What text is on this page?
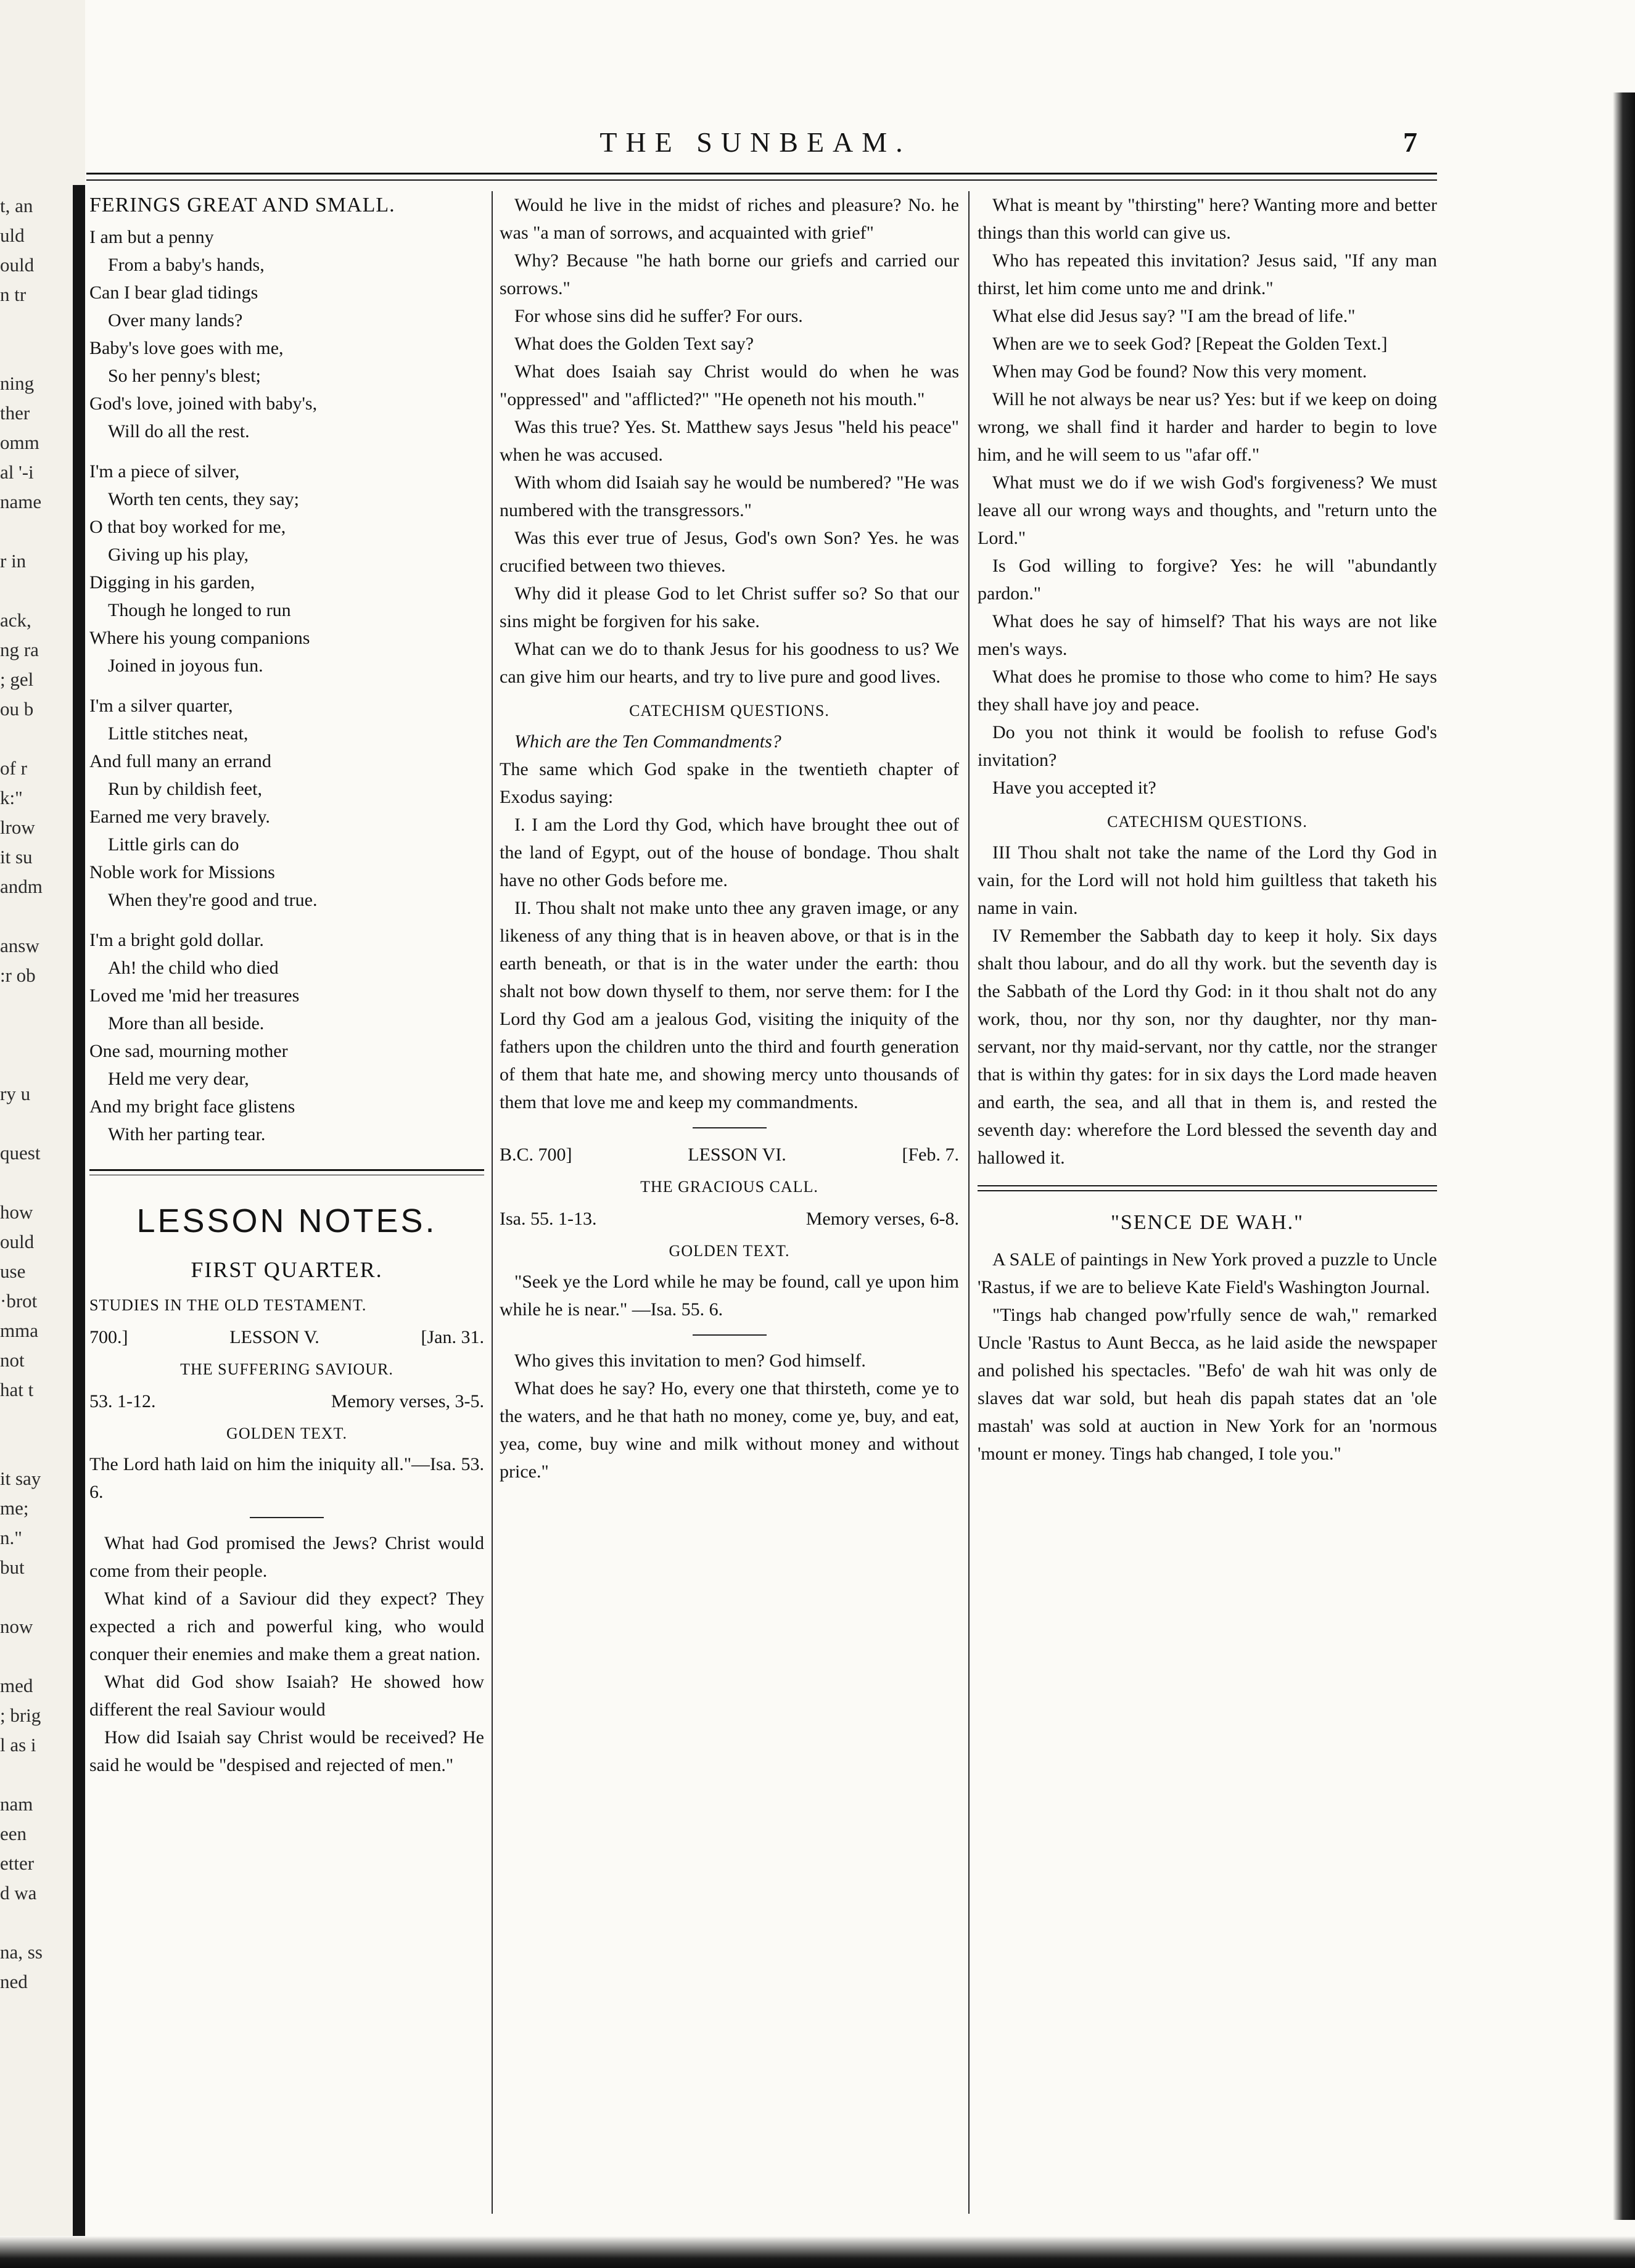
t, an
uld
ould
n tr
ning
ther
omm
al '-i
name
r in
ack,
ng ra
; gel
ou b
of r
k:"
lrow
it su
andm
answ
:r ob
ry u
quest
how
ould
use
·brot
mma
not
hat t
it say
me;
n."
but
now
med
; brig
l as i
nam
een
etter
d wa
na, ss
ned
THE SUNBEAM.	7
FERINGS GREAT AND SMALL.
I am but a penny
From a baby's hands,
Can I bear glad tidings
Over many lands?
Baby's love goes with me,
So her penny's blest;
God's love, joined with baby's,
Will do all the rest.
I'm a piece of silver,
Worth ten cents, they say;
O that boy worked for me,
Giving up his play,
Digging in his garden,
Though he longed to run
Where his young companions
Joined in joyous fun.
I'm a silver quarter,
Little stitches neat,
And full many an errand
Run by childish feet,
Earned me very bravely.
Little girls can do
Noble work for Missions
When they're good and true.
I'm a bright gold dollar.
Ah! the child who died
Loved me 'mid her treasures
More than all beside.
One sad, mourning mother
Held me very dear,
And my bright face glistens
With her parting tear.
LESSON NOTES.
FIRST QUARTER.
STUDIES IN THE OLD TESTAMENT.
700.]	LESSON V.	[Jan. 31.
THE SUFFERING SAVIOUR.
53. 1-12.	Memory verses, 3-5.
GOLDEN TEXT.

The Lord hath laid on him the iniquity all."—Isa. 53. 6.

What had God promised the Jews? Christ would come from their people.

What kind of a Saviour did they expect? They expected a rich and powerful king, who would conquer their enemies and make them a great nation.

What did God show Isaiah? He showed how different the real Saviour would

How did Isaiah say Christ would be received? He said he would be "despised and rejected of men."

Would he live in the midst of riches and pleasure? No. he was "a man of sorrows, and acquainted with grief"

Why? Because "he hath borne our griefs and carried our sorrows."

For whose sins did he suffer? For ours.

What does the Golden Text say?

What does Isaiah say Christ would do when he was "oppressed" and "afflicted?" "He openeth not his mouth."

Was this true? Yes. St. Matthew says Jesus "held his peace" when he was accused.

With whom did Isaiah say he would be numbered? "He was numbered with the transgressors."

Was this ever true of Jesus, God's own Son? Yes. he was crucified between two thieves.

Why did it please God to let Christ suffer so? So that our sins might be forgiven for his sake.

What can we do to thank Jesus for his goodness to us? We can give him our hearts, and try to live pure and good lives.

CATECHISM QUESTIONS.

Which are the Ten Commandments?

The same which God spake in the twentieth chapter of Exodus saying:

I. I am the Lord thy God, which have brought thee out of the land of Egypt, out of the house of bondage. Thou shalt have no other Gods before me.

II. Thou shalt not make unto thee any graven image, or any likeness of any thing that is in heaven above, or that is in the earth beneath, or that is in the water under the earth: thou shalt not bow down thyself to them, nor serve them: for I the Lord thy God am a jealous God, visiting the iniquity of the fathers upon the children unto the third and fourth generation of them that hate me, and showing mercy unto thousands of them that love me and keep my commandments.

B.C. 700]	LESSON VI.	[Feb. 7.
THE GRACIOUS CALL.
Isa. 55. 1-13.	Memory verses, 6-8.
GOLDEN TEXT.

"Seek ye the Lord while he may be found, call ye upon him while he is near." —Isa. 55. 6.

Who gives this invitation to men? God himself.

What does he say? Ho, every one that thirsteth, come ye to the waters, and he that hath no money, come ye, buy, and eat, yea, come, buy wine and milk without money and without price."

What is meant by "thirsting" here? Wanting more and better things than this world can give us.

Who has repeated this invitation? Jesus said, "If any man thirst, let him come unto me and drink."

What else did Jesus say? "I am the bread of life."

When are we to seek God? [Repeat the Golden Text.]

When may God be found? Now this very moment.

Will he not always be near us? Yes: but if we keep on doing wrong, we shall find it harder and harder to begin to love him, and he will seem to us "afar off."

What must we do if we wish God's forgiveness? We must leave all our wrong ways and thoughts, and "return unto the Lord."

Is God willing to forgive? Yes: he will "abundantly pardon."

What does he say of himself? That his ways are not like men's ways.

What does he promise to those who come to him? He says they shall have joy and peace.

Do you not think it would be foolish to refuse God's invitation?

Have you accepted it?

CATECHISM QUESTIONS.

III Thou shalt not take the name of the Lord thy God in vain, for the Lord will not hold him guiltless that taketh his name in vain.

IV Remember the Sabbath day to keep it holy. Six days shalt thou labour, and do all thy work. but the seventh day is the Sabbath of the Lord thy God: in it thou shalt not do any work, thou, nor thy son, nor thy daughter, nor thy man-servant, nor thy maid-servant, nor thy cattle, nor the stranger that is within thy gates: for in six days the Lord made heaven and earth, the sea, and all that in them is, and rested the seventh day: wherefore the Lord blessed the seventh day and hallowed it.

"SENCE DE WAH."

A SALE of paintings in New York proved a puzzle to Uncle 'Rastus, if we are to believe Kate Field's Washington Journal.

"Tings hab changed pow'rfully sence de wah," remarked Uncle 'Rastus to Aunt Becca, as he laid aside the newspaper and polished his spectacles. "Befo' de wah hit was only de slaves dat war sold, but heah dis papah states dat an 'ole mastah' was sold at auction in New York for an 'normous 'mount er money. Tings hab changed, I tole you."
